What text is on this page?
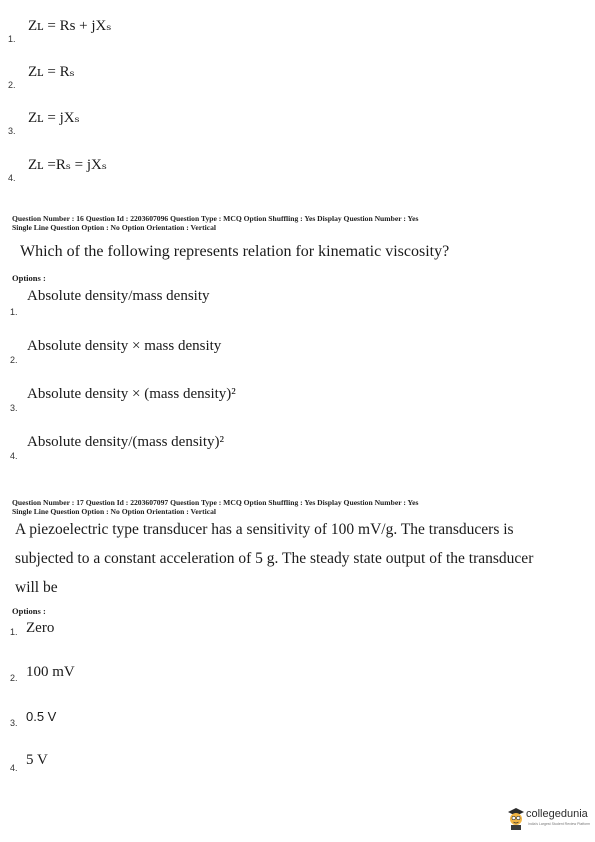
1.
Zʟ = Rs + jXₛ
2.
Zʟ = Rₛ
3.
Zʟ = jXₛ
4.
Zʟ =Rₛ = jXₛ
Question Number : 16 Question Id : 2203607096 Question Type : MCQ Option Shuffling : Yes Display Question Number : Yes
Single Line Question Option : No Option Orientation : Vertical
Which of the following represents relation for kinematic viscosity?
Options :
1.
Absolute density/mass density
2.
Absolute density × mass density
3.
Absolute density × (mass density)²
4.
Absolute density/(mass density)²
Question Number : 17 Question Id : 2203607097 Question Type : MCQ Option Shuffling : Yes Display Question Number : Yes
Single Line Question Option : No Option Orientation : Vertical
A piezoelectric type transducer has a sensitivity of 100 mV/g. The transducers is
subjected to a constant acceleration of 5 g. The steady state output of the transducer
will be
Options :
1. Zero
2. 100 mV
3. 0.5 V
4. 5 V
collegedunia
India's Largest Student Review Platform
